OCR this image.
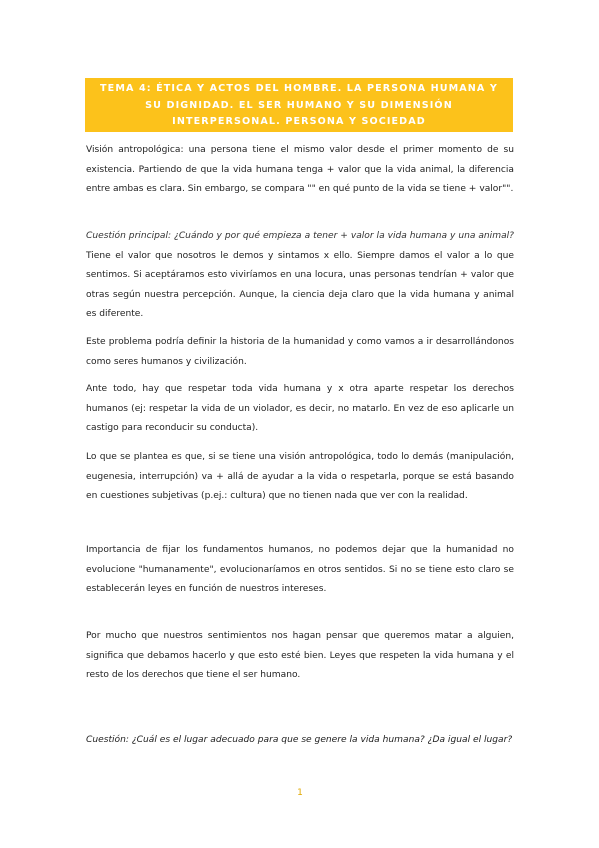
TEMA 4: ÉTICA Y ACTOS DEL HOMBRE. LA PERSONA HUMANA Y SU DIGNIDAD. EL SER HUMANO Y SU DIMENSIÓN INTERPERSONAL. PERSONA Y SOCIEDAD

Visión antropológica: una persona tiene el mismo valor desde el primer momento de su existencia. Partiendo de que la vida humana tenga + valor que la vida animal, la diferencia entre ambas es clara. Sin embargo, se compara "" en qué punto de la vida se tiene + valor"".

Cuestión principal: ¿Cuándo y por qué empieza a tener + valor la vida humana y una animal? Tiene el valor que nosotros le demos y sintamos x ello. Siempre damos el valor a lo que sentimos. Si aceptáramos esto viviríamos en una locura, unas personas tendrían + valor que otras según nuestra percepción. Aunque, la ciencia deja claro que la vida humana y animal es diferente.

Este problema podría definir la historia de la humanidad y como vamos a ir desarrollándonos como seres humanos y civilización.

Ante todo, hay que respetar toda vida humana y x otra aparte respetar los derechos humanos (ej: respetar la vida de un violador, es decir, no matarlo. En vez de eso aplicarle un castigo para reconducir su conducta).

Lo que se plantea es que, si se tiene una visión antropológica, todo lo demás (manipulación, eugenesia, interrupción) va + allá de ayudar a la vida o respetarla, porque se está basando en cuestiones subjetivas (p.ej.: cultura) que no tienen nada que ver con la realidad.

Importancia de fijar los fundamentos humanos, no podemos dejar que la humanidad no evolucione "humanamente", evolucionaríamos en otros sentidos. Si no se tiene esto claro se establecerán leyes en función de nuestros intereses.

Por mucho que nuestros sentimientos nos hagan pensar que queremos matar a alguien, significa que debamos hacerlo y que esto esté bien. Leyes que respeten la vida humana y el resto de los derechos que tiene el ser humano.

Cuestión: ¿Cuál es el lugar adecuado para que se genere la vida humana? ¿Da igual el lugar?

1
